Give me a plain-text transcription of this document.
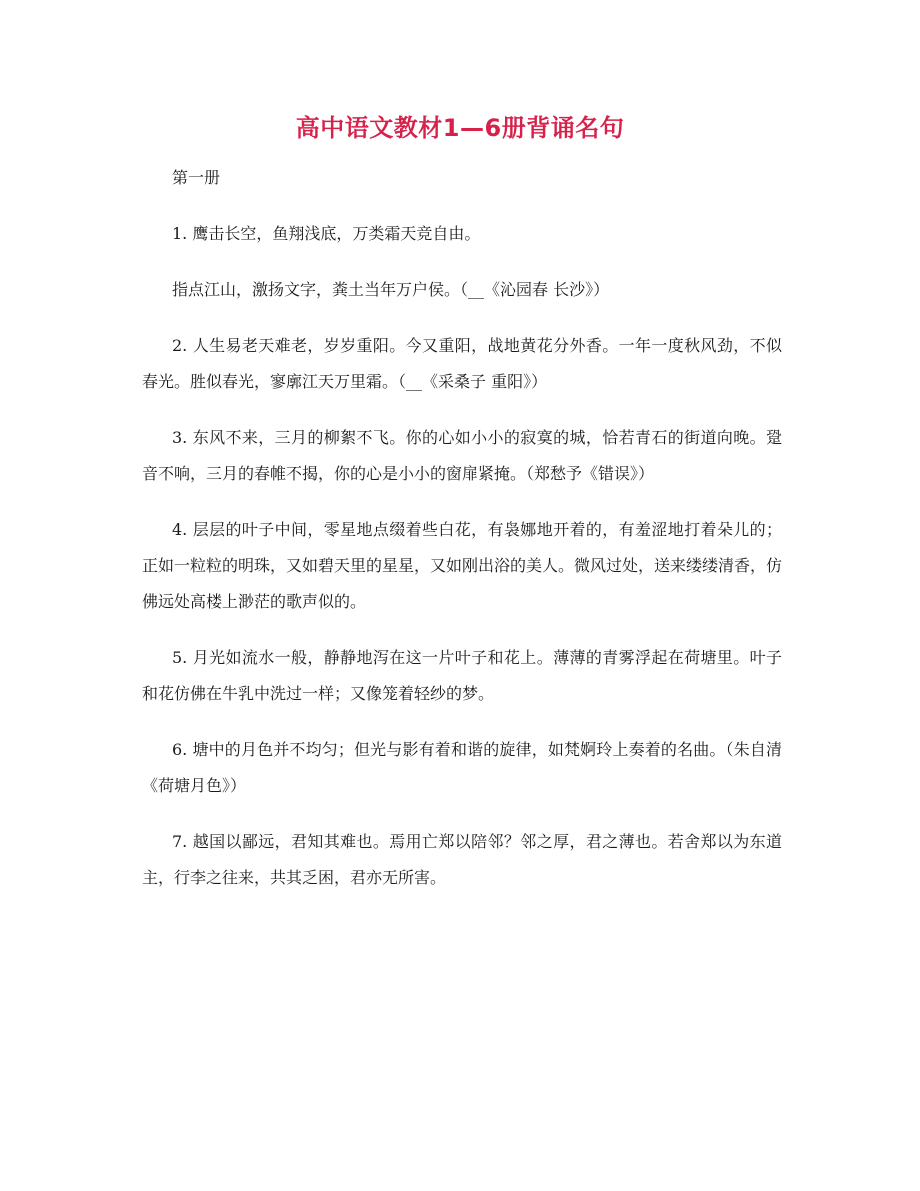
高中语文教材1—6册背诵名句

第一册

1. 鹰击长空，鱼翔浅底，万类霜天竞自由。

指点江山，激扬文字，粪土当年万户侯。（__《沁园春 长沙》）

2. 人生易老天难老，岁岁重阳。今又重阳，战地黄花分外香。一年一度秋风劲，不似春光。胜似春光，寥廓江天万里霜。（__《采桑子 重阳》）

3. 东风不来，三月的柳絮不飞。你的心如小小的寂寞的城，恰若青石的街道向晚。跫音不响，三月的春帷不揭，你的心是小小的窗扉紧掩。（郑愁予《错误》）

4. 层层的叶子中间，零星地点缀着些白花，有袅娜地开着的，有羞涩地打着朵儿的；正如一粒粒的明珠，又如碧天里的星星，又如刚出浴的美人。微风过处，送来缕缕清香，仿佛远处高楼上渺茫的歌声似的。

5. 月光如流水一般，静静地泻在这一片叶子和花上。薄薄的青雾浮起在荷塘里。叶子和花仿佛在牛乳中洗过一样；又像笼着轻纱的梦。

6. 塘中的月色并不均匀；但光与影有着和谐的旋律，如梵婀玲上奏着的名曲。（朱自清《荷塘月色》）

7. 越国以鄙远，君知其难也。焉用亡郑以陪邻？邻之厚，君之薄也。若舍郑以为东道主，行李之往来，共其乏困，君亦无所害。
